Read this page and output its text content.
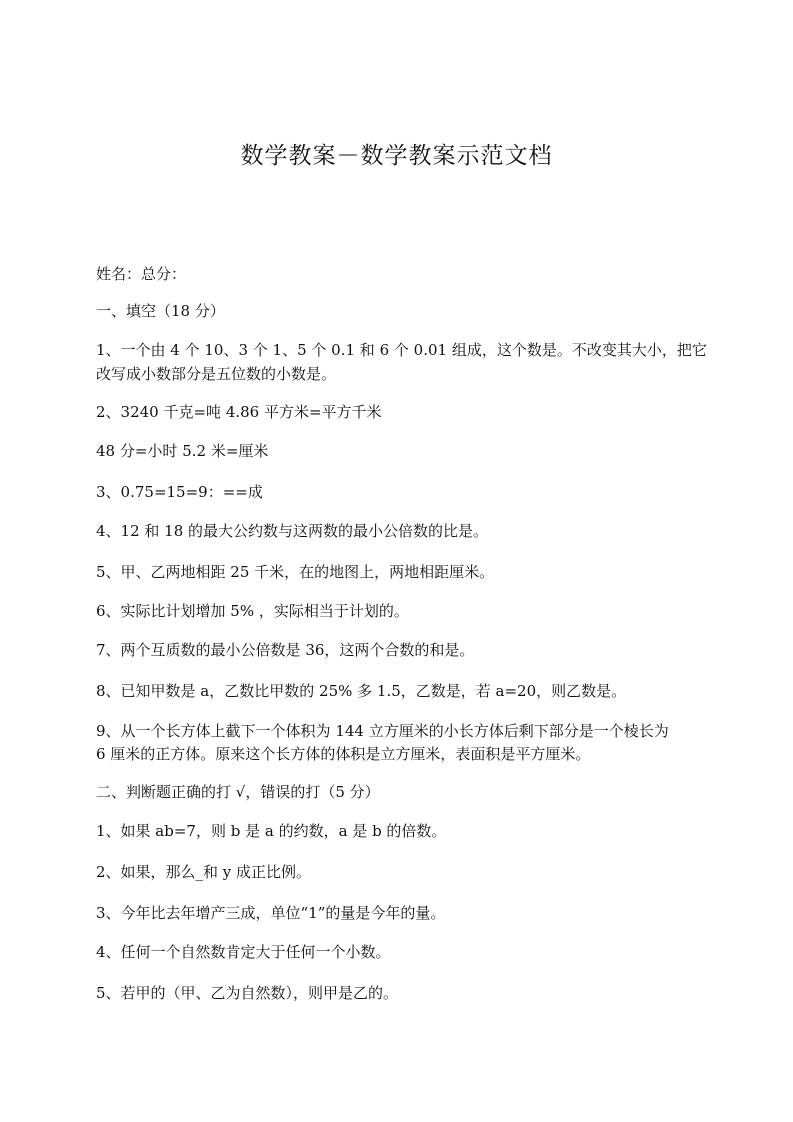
数学教案－数学教案示范文档
姓名：总分：
一、填空（18 分）
1、一个由 4 个 10、3 个 1、5 个 0.1 和 6 个 0.01 组成，这个数是。不改变其大小，把它
改写成小数部分是五位数的小数是。
2、3240 千克=吨 4.86 平方米=平方千米
48 分=小时 5.2 米=厘米
3、0.75=15=9：==成
4、12 和 18 的最大公约数与这两数的最小公倍数的比是。
5、甲、乙两地相距 25 千米，在的地图上，两地相距厘米。
6、实际比计划增加 5% ，实际相当于计划的。
7、两个互质数的最小公倍数是 36，这两个合数的和是。
8、已知甲数是 a，乙数比甲数的 25% 多 1.5，乙数是，若 a=20，则乙数是。
9、从一个长方体上截下一个体积为 144 立方厘米的小长方体后剩下部分是一个棱长为
6 厘米的正方体。原来这个长方体的体积是立方厘米，表面积是平方厘米。
二、判断题正确的打 √，错误的打（5 分）
1、如果 ab=7，则 b 是 a 的约数，a 是 b 的倍数。
2、如果，那么_和 y 成正比例。
3、今年比去年增产三成，单位“1”的量是今年的量。
4、任何一个自然数肯定大于任何一个小数。
5、若甲的（甲、乙为自然数），则甲是乙的。
